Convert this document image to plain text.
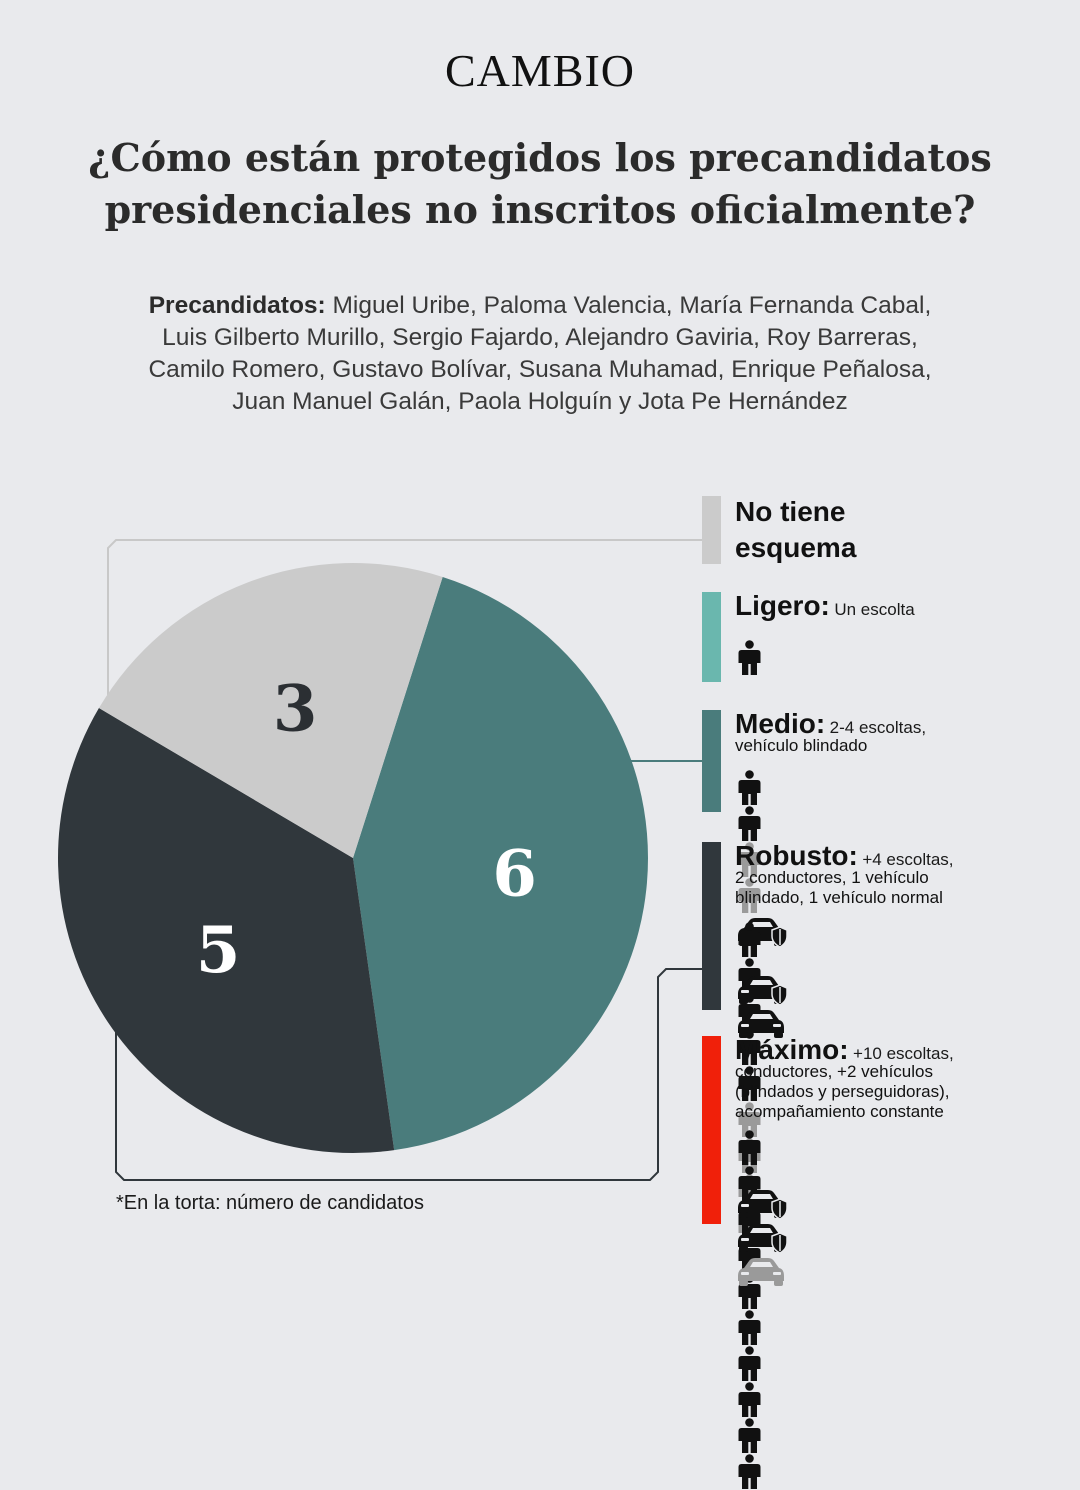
CAMBIO
¿Cómo están protegidos los precandidatos
presidenciales no inscritos oficialmente?
Precandidatos: Miguel Uribe, Paloma Valencia, María Fernanda Cabal,
Luis Gilberto Murillo, Sergio Fajardo, Alejandro Gaviria, Roy Barreras,
Camilo Romero, Gustavo Bolívar, Susana Muhamad, Enrique Peñalosa,
Juan Manuel Galán, Paola Holguín y Jota Pe Hernández
6
5
3
No tiene
esquema
Ligero: Un escolta
Medio: 2-4 escoltas,
vehículo blindado
Robusto: +4 escoltas,
2 conductores, 1 vehículo
blindado, 1 vehículo normal
Máximo: +10 escoltas,
conductores, +2 vehículos
(blindados y perseguidoras),
acompañamiento constante
*En la torta: número de candidatos
